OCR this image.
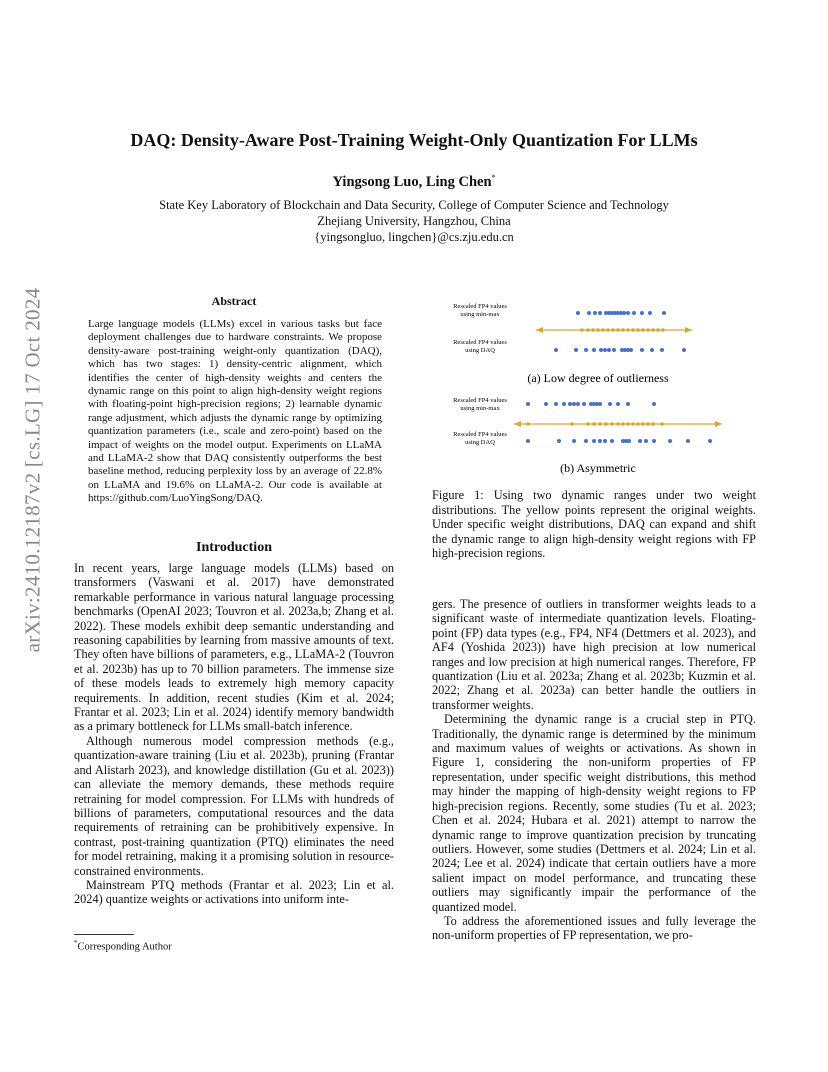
DAQ: Density-Aware Post-Training Weight-Only Quantization For LLMs
Yingsong Luo, Ling Chen*
State Key Laboratory of Blockchain and Data Security, College of Computer Science and Technology
Zhejiang University, Hangzhou, China
{yingsongluo, lingchen}@cs.zju.edu.cn
arXiv:2410.12187v2 [cs.LG] 17 Oct 2024	Abstract
Large language models (LLMs) excel in various tasks but face deployment challenges due to hardware constraints. We propose density-aware post-training weight-only quantization (DAQ), which has two stages: 1) density-centric alignment, which identifies the center of high-density weights and centers the dynamic range on this point to align high-density weight regions with floating-point high-precision regions; 2) learnable dynamic range adjustment, which adjusts the dynamic range by optimizing quantization parameters (i.e., scale and zero-point) based on the impact of weights on the model output. Experiments on LLaMA and LLaMA-2 show that DAQ consistently outperforms the best baseline method, reducing perplexity loss by an average of 22.8% on LLaMA and 19.6% on LLaMA-2. Our code is available at https://github.com/LuoYingSong/DAQ.
Introduction

In recent years, large language models (LLMs) based on transformers (Vaswani et al. 2017) have demonstrated remarkable performance in various natural language processing benchmarks (OpenAI 2023; Touvron et al. 2023a,b; Zhang et al. 2022). These models exhibit deep semantic understanding and reasoning capabilities by learning from massive amounts of text. They often have billions of parameters, e.g., LLaMA-2 (Touvron et al. 2023b) has up to 70 billion parameters. The immense size of these models leads to extremely high memory capacity requirements. In addition, recent studies (Kim et al. 2024; Frantar et al. 2023; Lin et al. 2024) identify memory bandwidth as a primary bottleneck for LLMs small-batch inference.

Although numerous model compression methods (e.g., quantization-aware training (Liu et al. 2023b), pruning (Frantar and Alistarh 2023), and knowledge distillation (Gu et al. 2023)) can alleviate the memory demands, these methods require retraining for model compression. For LLMs with hundreds of billions of parameters, computational resources and the data requirements of retraining can be prohibitively expensive. In contrast, post-training quantization (PTQ) eliminates the need for model retraining, making it a promising solution in resource-constrained environments.

Mainstream PTQ methods (Frantar et al. 2023; Lin et al. 2024) quantize weights or activations into uniform inte-

*Corresponding Author
Rescaled FP4 values
using min-max
Rescaled FP4 values
using DAQ
(a) Low degree of outlierness
Rescaled FP4 values
using min-max
Rescaled FP4 values
using DAQ
(b) Asymmetric
Figure 1: Using two dynamic ranges under two weight distributions. The yellow points represent the original weights. Under specific weight distributions, DAQ can expand and shift the dynamic range to align high-density weight regions with FP high-precision regions.

gers. The presence of outliers in transformer weights leads to a significant waste of intermediate quantization levels. Floating-point (FP) data types (e.g., FP4, NF4 (Dettmers et al. 2023), and AF4 (Yoshida 2023)) have high precision at low numerical ranges and low precision at high numerical ranges. Therefore, FP quantization (Liu et al. 2023a; Zhang et al. 2023b; Kuzmin et al. 2022; Zhang et al. 2023a) can better handle the outliers in transformer weights.

Determining the dynamic range is a crucial step in PTQ. Traditionally, the dynamic range is determined by the minimum and maximum values of weights or activations. As shown in Figure 1, considering the non-uniform properties of FP representation, under specific weight distributions, this method may hinder the mapping of high-density weight regions to FP high-precision regions. Recently, some studies (Tu et al. 2023; Chen et al. 2024; Hubara et al. 2021) attempt to narrow the dynamic range to improve quantization precision by truncating outliers. However, some studies (Dettmers et al. 2024; Lin et al. 2024; Lee et al. 2024) indicate that certain outliers have a more salient impact on model performance, and truncating these outliers may significantly impair the performance of the quantized model.

To address the aforementioned issues and fully leverage the non-uniform properties of FP representation, we pro-
